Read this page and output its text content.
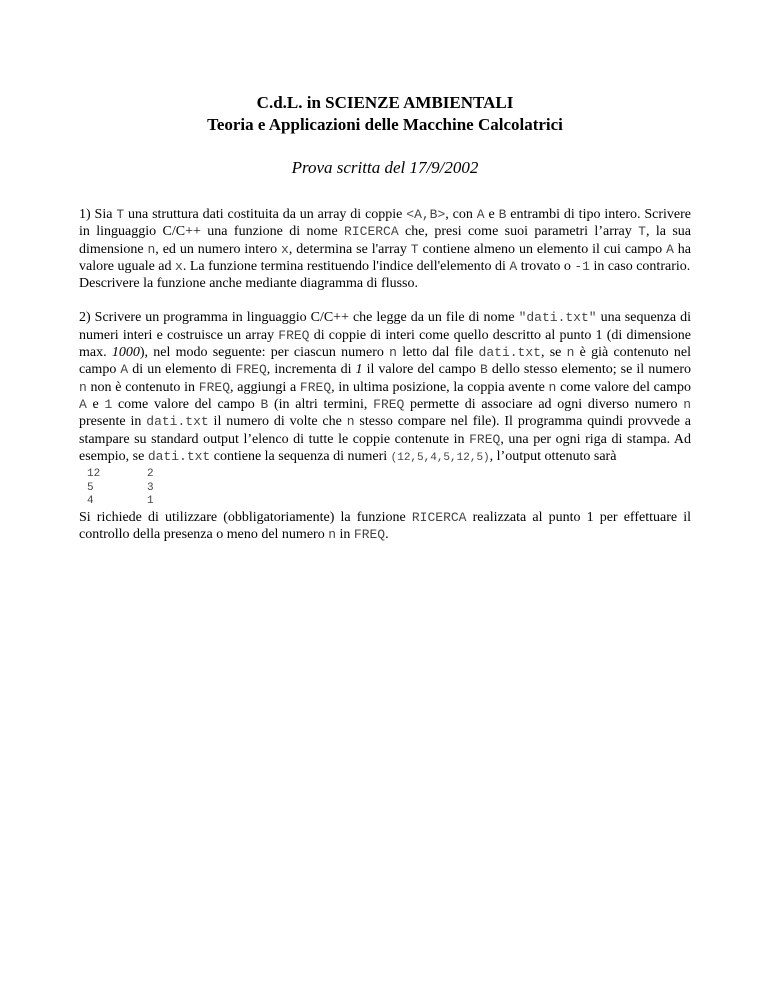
C.d.L. in SCIENZE AMBIENTALI
Teoria e Applicazioni delle Macchine Calcolatrici
Prova scritta del 17/9/2002

1) Sia T una struttura dati costituita da un array di coppie <A,B>, con A e B entrambi di tipo intero. Scrivere in linguaggio C/C++ una funzione di nome RICERCA che, presi come suoi parametri l’array T, la sua dimensione n, ed un numero intero x, determina se l'array T contiene almeno un elemento il cui campo A ha valore uguale ad x. La funzione termina restituendo l'indice dell'elemento di A trovato o -1 in caso contrario.
Descrivere la funzione anche mediante diagramma di flusso.

2) Scrivere un programma in linguaggio C/C++ che legge da un file di nome "dati.txt" una sequenza di numeri interi e costruisce un array FREQ di coppie di interi come quello descritto al punto 1 (di dimensione max. 1000), nel modo seguente: per ciascun numero n letto dal file dati.txt, se n è già contenuto nel campo A di un elemento di FREQ, incrementa di 1 il valore del campo B dello stesso elemento; se il numero n non è contenuto in FREQ, aggiungi a FREQ, in ultima posizione, la coppia avente n come valore del campo A e 1 come valore del campo B (in altri termini, FREQ permette di associare ad ogni diverso numero n presente in dati.txt il numero di volte che n stesso compare nel file). Il programma quindi provvede a stampare su standard output l’elenco di tutte le coppie contenute in FREQ, una per ogni riga di stampa. Ad esempio, se dati.txt contiene la sequenza di numeri (12,5,4,5,12,5), l’output ottenuto sarà

12	2
5	3
4	1

Si richiede di utilizzare (obbligatoriamente) la funzione RICERCA realizzata al punto 1 per effettuare il controllo della presenza o meno del numero n in FREQ.
